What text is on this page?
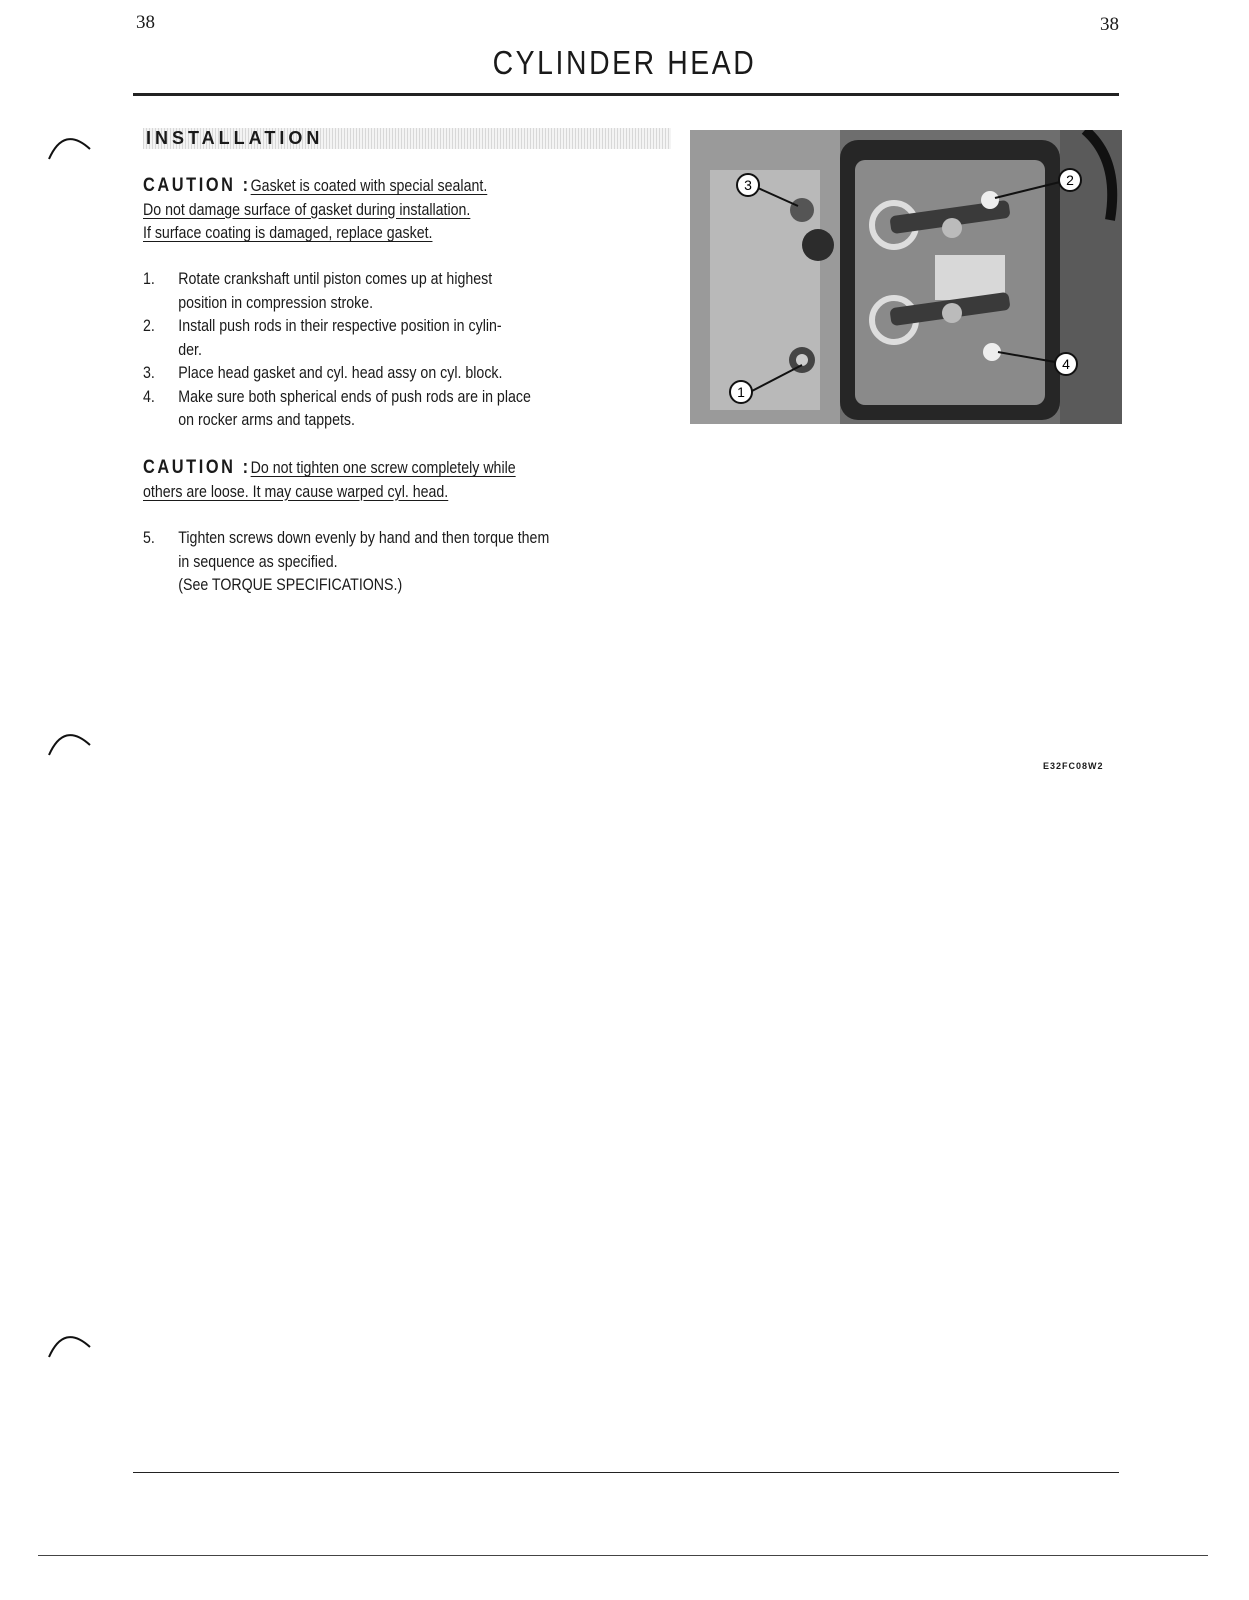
38	38
CYLINDER HEAD
INSTALLATION
CAUTION :Gasket is coated with special sealant.
Do not damage surface of gasket during installation.
If surface coating is damaged, replace gasket.
1. Rotate crankshaft until piston comes up at highest
position in compression stroke.
2. Install push rods in their respective position in cylin-
der.
3. Place head gasket and cyl. head assy on cyl. block.
4. Make sure both spherical ends of push rods are in place
on rocker arms and tappets.
CAUTION :Do not tighten one screw completely while
others are loose. It may cause warped cyl. head.
5. Tighten screws down evenly by hand and then torque them
in sequence as specified.
(See TORQUE SPECIFICATIONS.)
1
2
3
4
E32FC08W2
